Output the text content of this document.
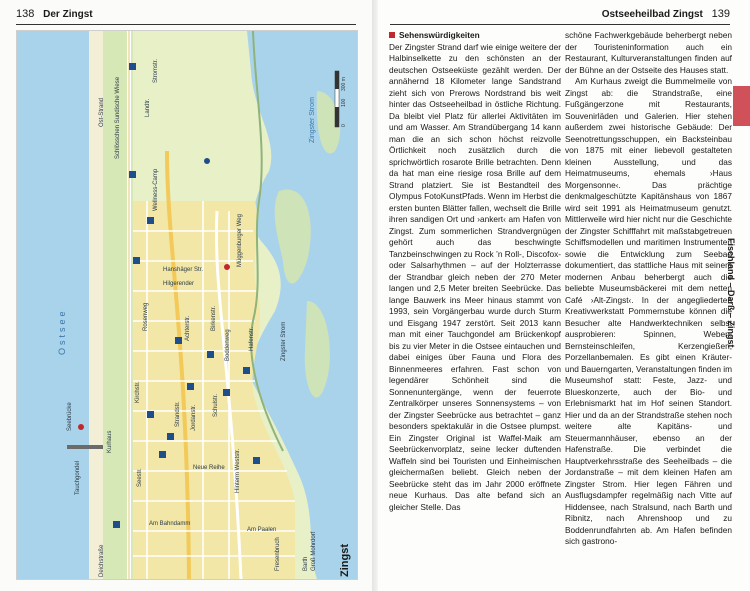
138 Der Zingst	Ostseeheilbad Zingst 139
Ostsee
Zingster Strom
Zingst
300 m
100
0
Schlösschen Sundische Wiese	Landtr.
Stromstr.
Wellness-Camp
Hanshäger Str.
Hafenstr.
Am Bahndamm
Seebrücke
Kurhaus
Tauchgondel
Jordanstr.
Strandstr.
Hinterm Weststr.
Am Paalen
Barth Groß Mohrdorf
Fresenbruch
Deichstraße
Ost-Strand
Rosenweg	Achterstr.
Müggenburger Weg
Hilgerender
Birkenstr.
Boddenweg
Kirchstr.
Neue Reihe
Seestr.
Schulstr.
Zingster Strom
Sehenswürdigkeiten

Der Zingster Strand darf wie einige weitere der Halbinselkette zu den schönsten an der deutschen Ostseeküste gezählt werden. Der annähernd 18 Kilometer lange Sandstrand zieht sich von Prerows Nordstrand bis weit hinter das Ostseeheilbad in östliche Richtung. Da bleibt viel Platz für allerlei Aktivitäten im und am Wasser. Am Strandübergang 14 kann man die an sich schon höchst reizvolle Örtlichkeit noch zusätzlich durch die sprichwörtlich rosarote Brille betrachten. Denn da hat man eine riesige rosa Brille auf dem Strand platziert. Sie ist Bestandteil des Olympus FotoKunstPfads. Wenn im Herbst die ersten bunten Blätter fallen, wechselt die Brille ihren sandigen Ort und ›ankert‹ am Hafen von Zingst. Zum sommerlichen Strandvergnügen gehört auch das beschwingte Tanzbeinschwingen zu Rock ’n Roll-, Discofox- oder Salsarhythmen – auf der Holzterrasse der Strandbar gleich neben der 270 Meter langen und 2,5 Meter breiten Seebrücke. Das lange Bauwerk ins Meer hinaus stammt von 1993, sein Vorgängerbau wurde durch Sturm und Eisgang 1947 zerstört. Seit 2013 kann man mit einer Tauchgondel am Brückenkopf bis zu vier Meter in die Ostsee eintauchen und dabei einiges über Fauna und Flora des Binnenmeeres erfahren. Fast schon von legendärer Schönheit sind die Sonnenuntergänge, wenn der feuerrote Zentralkörper unseres Sonnensystems – von der Zingster Seebrücke aus betrachtet – ganz besonders spektakulär in die Ostsee plumpst. Ein Zingster Original ist Waffel-Maik am Seebrückenvorplatz, seine lecker duftenden Waffeln sind bei Touristen und Einheimischen gleichermaßen beliebt. Gleich neben der Seebrücke steht das im Jahr 2000 eröffnete neue Kurhaus. Das alte befand sich an gleicher Stelle. Das

schöne Fachwerkgebäude beherbergt neben der Touristeninformation auch ein Restaurant, Kulturveranstaltungen finden auf der Bühne an der Ostseite des Hauses statt.

Am Kurhaus zweigt die Bummelmeile von Zingst ab: die Strandstraße, eine Fußgängerzone mit Restaurants, Souvenirläden und Galerien. Hier stehen außerdem zwei historische Gebäude: Der Seenotrettungsschuppen, ein Backsteinbau von 1875 mit einer liebevoll gestalteten kleinen Ausstellung, und das Heimatmuseums, ehemals ›Haus Morgensonne‹. Das prächtige denkmalgeschützte Kapitänshaus von 1867 wird seit 1991 als Heimatmuseum genutzt. Mittlerweile wird hier nicht nur die Geschichte der Zingster Schifffahrt mit maßstabgetreuen Schiffsmodellen und maritimen Instrumenten sowie die Entwicklung zum Seebad dokumentiert, das stattliche Haus mit seinem modernen Anbau beherbergt auch die beliebte Museumsbäckerei mit dem netten Café ›Alt-Zingst‹. In der angegliederten Kreativwerkstatt Pommernstube können die Besucher alte Handwerktechniken selbst ausprobieren: Spinnen, Weben, Bernsteinschleifen, Kerzengießen, Porzellanbemalen. Es gibt einen Kräuter- und Bauerngarten, Veranstaltungen finden im Museumshof statt: Feste, Jazz- und Blueskonzerte, auch der Bio- und Erlebnismarkt hat im Hof seinen Standort. Hier und da an der Strandstraße stehen noch weitere alte Kapitäns- und Steuermannhäuser, ebenso an der Hafenstraße. Die verbindet die Hauptverkehrsstraße des Seeheilbads – die Jordanstraße – mit dem kleinen Hafen am Zingster Strom. Hier legen Fähren und Ausflugsdampfer regelmäßig nach Vitte auf Hiddensee, nach Stralsund, nach Barth und Ribnitz, nach Ahrenshoop und zu Boddenrundfahrten ab. Am Hafen befinden sich gastrono-

Fischland – Darß – Zingst
